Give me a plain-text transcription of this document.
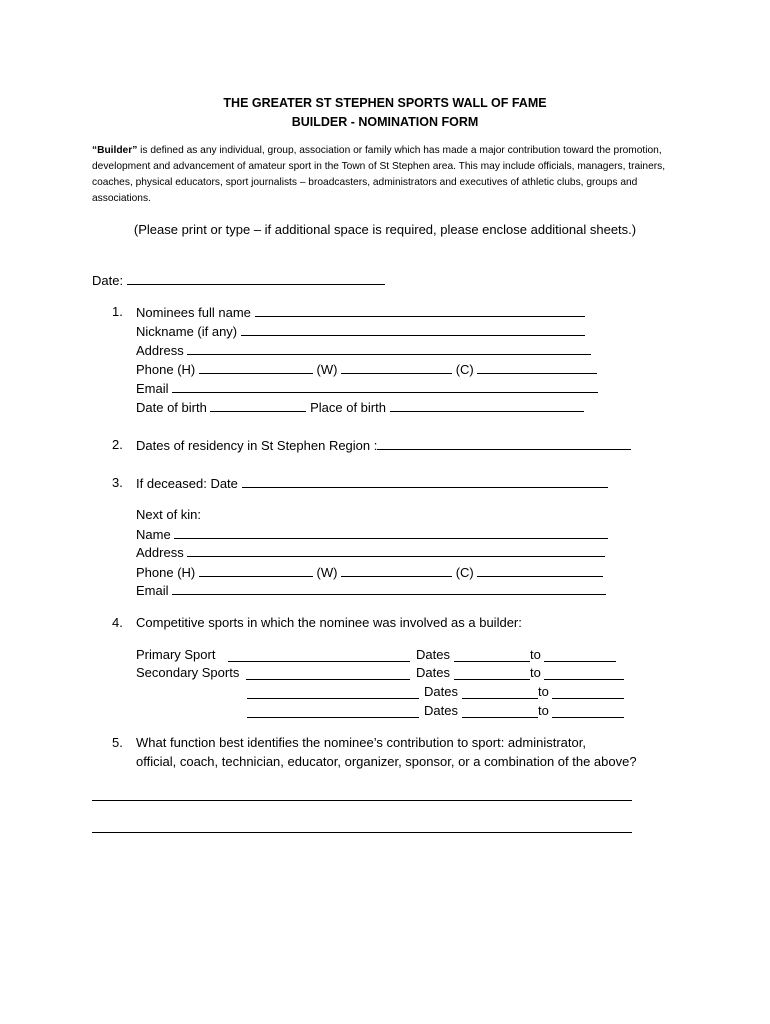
THE GREATER ST STEPHEN SPORTS WALL OF FAME
BUILDER - NOMINATION FORM
“Builder” is defined as any individual, group, association or family which has made a major contribution toward the promotion, development and advancement of amateur sport in the Town of St Stephen area. This may include officials, managers, trainers, coaches, physical educators, sport journalists – broadcasters, administrators and executives of athletic clubs, groups and associations.
(Please print or type – if additional space is required, please enclose additional sheets.)
Date:
1. Nominees full name
Nickname (if any)
Address
Phone (H)	(W)	(C)
Email
Date of birth	Place of birth
2. Dates of residency in St Stephen Region :
3. If deceased: Date
Next of kin:
Name
Address
Phone (H)	(W)	(C)
Email
4. Competitive sports in which the nominee was involved as a builder:
Primary Sport	Dates	to
Secondary Sports	Dates	to
Dates	to
Dates	to
5. What function best identifies the nominee’s contribution to sport: administrator,
official, coach, technician, educator, organizer, sponsor, or a combination of the above?
